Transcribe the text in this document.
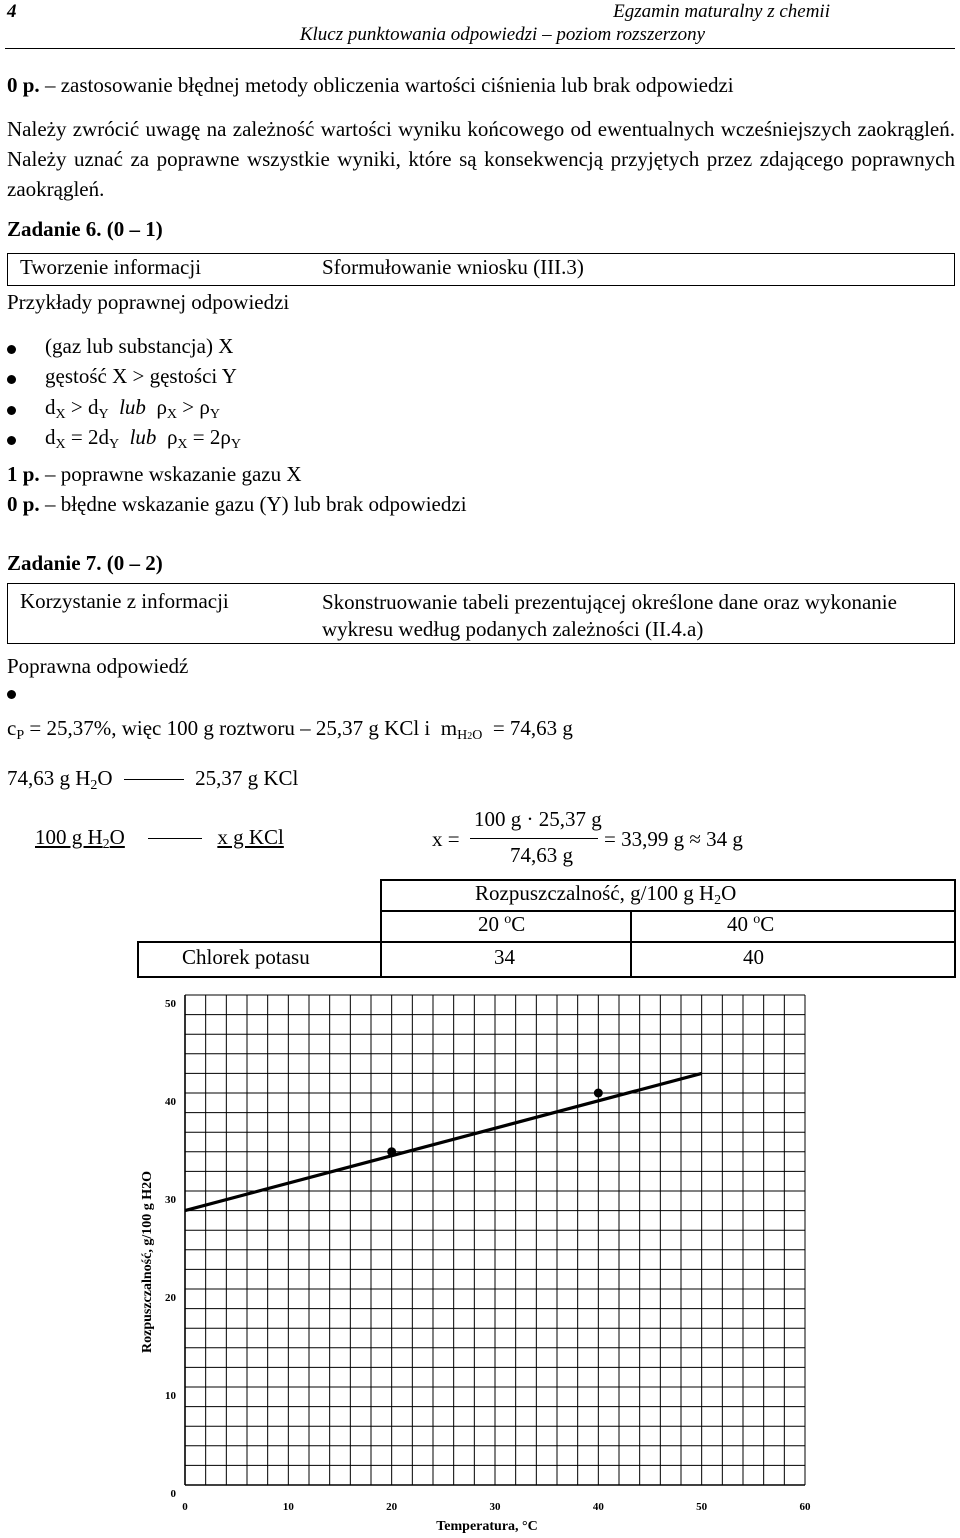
4	Egzamin maturalny z chemii
Klucz punktowania odpowiedzi – poziom rozszerzony
0 p. – zastosowanie błędnej metody obliczenia wartości ciśnienia lub brak odpowiedzi
Należy zwrócić uwagę na zależność wartości wyniku końcowego od ewentualnych wcześniejszych zaokrągleń. Należy uznać za poprawne wszystkie wyniki, które są konsekwencją przyjętych przez zdającego poprawnych zaokrągleń.
Zadanie 6. (0 – 1)
Tworzenie informacji	Sformułowanie wniosku (III.3)
Przykłady poprawnej odpowiedzi
(gaz lub substancja) X
gęstość X > gęstości Y
$d_X > d_Y$ lub  $\rho_X > \rho_Y$
$d_X = 2d_Y$ lub  $\rho_X = 2\rho_Y$
1 p. – poprawne wskazanie gazu X
0 p. – błędne wskazanie gazu (Y) lub brak odpowiedzi
Zadanie 7. (0 – 2)
Korzystanie z informacji	Skonstruowanie tabeli prezentującej określone dane oraz wykonanie wykresu według podanych zależności (II.4.a)
Poprawna odpowiedź
$c_P = 25,37\%$, więc 100 g roztworu – 25,37 g KCl i  $m_{H2O} = 74,63$ g
74,63 g $H_2O$	25,37 g KCl
100 g $H_2O$	x g KCl	x =
100 g · 25,37 g
74,63 g
= 33,99 g ≈ 34 g
Rozpuszczalność, g/100 g $H_2O$
20 $^o$C	40 $^o$C
Chlorek potasu	34	40
0	10	20	30	40	50	60
0
10
20
30
40
50
Temperatura, °C
Rozpuszczalność, g/100 g H2O
